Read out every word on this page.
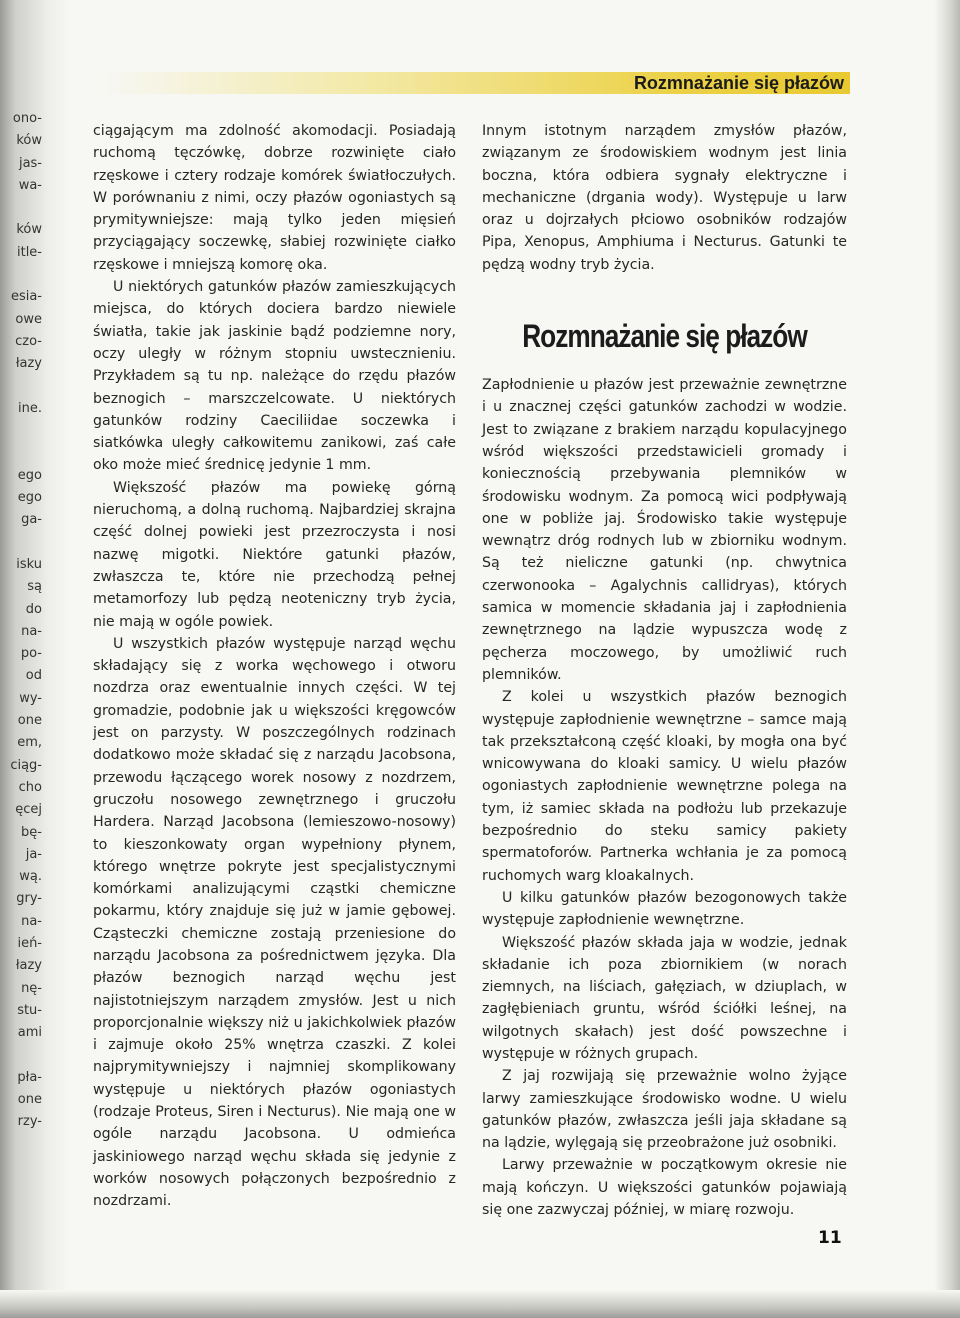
ono-
ków
jas-
wa-

ków
itle-

esia-
owe
czo-
łazy

ine.

ego
ego
ga-

isku
są
do
na-
po-
od
wy-
one
em,
ciąg-
cho
ęcej
bę-
ja-
wą.
gry-
na-
ień-
łazy
nę-
stu-
ami

pła-
one
rzy-
Rozmnażanie się płazów

ciągającym ma zdolność akomodacji. Posiadają ruchomą tęczówkę, dobrze rozwinięte ciało rzęskowe i cztery rodzaje komórek światłoczułych. W porównaniu z nimi, oczy płazów ogoniastych są prymitywniejsze: mają tylko jeden mięsień przyciągający soczewkę, słabiej rozwinięte ciałko rzęskowe i mniejszą komorę oka.

U niektórych gatunków płazów zamieszkujących miejsca, do których dociera bardzo niewiele światła, takie jak jaskinie bądź podziemne nory, oczy uległy w różnym stopniu uwstecznieniu. Przykładem są tu np. należące do rzędu płazów beznogich – marszczelcowate. U niektórych gatunków rodziny Caeciliidae soczewka i siatkówka uległy całkowitemu zanikowi, zaś całe oko może mieć średnicę jedynie 1 mm.

Większość płazów ma powiekę górną nieruchomą, a dolną ruchomą. Najbardziej skrajna część dolnej powieki jest przezroczysta i nosi nazwę migotki. Niektóre gatunki płazów, zwłaszcza te, które nie przechodzą pełnej metamorfozy lub pędzą neoteniczny tryb życia, nie mają w ogóle powiek.

U wszystkich płazów występuje narząd węchu składający się z worka węchowego i otworu nozdrza oraz ewentualnie innych części. W tej gromadzie, podobnie jak u większości kręgowców jest on parzysty. W poszczególnych rodzinach dodatkowo może składać się z narządu Jacobsona, przewodu łączącego worek nosowy z nozdrzem, gruczołu nosowego zewnętrznego i gruczołu Hardera. Narząd Jacobsona (lemieszowo-nosowy) to kieszonkowaty organ wypełniony płynem, którego wnętrze pokryte jest specjalistycznymi komórkami analizującymi cząstki chemiczne pokarmu, który znajduje się już w jamie gębowej. Cząsteczki chemiczne zostają przeniesione do narządu Jacobsona za pośrednictwem języka. Dla płazów beznogich narząd węchu jest najistotniejszym narządem zmysłów. Jest u nich proporcjonalnie większy niż u jakichkolwiek płazów i zajmuje około 25% wnętrza czaszki. Z kolei najprymitywniejszy i najmniej skomplikowany występuje u niektórych płazów ogoniastych (rodzaje Proteus, Siren i Necturus). Nie mają one w ogóle narządu Jacobsona. U odmieńca jaskiniowego narząd węchu składa się jedynie z worków nosowych połączonych bezpośrednio z nozdrzami.

Innym istotnym narządem zmysłów płazów, związanym ze środowiskiem wodnym jest linia boczna, która odbiera sygnały elektryczne i mechaniczne (drgania wody). Występuje u larw oraz u dojrzałych płciowo osobników rodzajów Pipa, Xenopus, Amphiuma i Necturus. Gatunki te pędzą wodny tryb życia.

Rozmnażanie się płazów

Zapłodnienie u płazów jest przeważnie zewnętrzne i u znacznej części gatunków zachodzi w wodzie. Jest to związane z brakiem narządu kopulacyjnego wśród większości przedstawicieli gromady i koniecznością przebywania plemników w środowisku wodnym. Za pomocą wici podpływają one w pobliże jaj. Środowisko takie występuje wewnątrz dróg rodnych lub w zbiorniku wodnym. Są też nieliczne gatunki (np. chwytnica czerwonooka – Agalychnis callidryas), których samica w momencie składania jaj i zapłodnienia zewnętrznego na lądzie wypuszcza wodę z pęcherza moczowego, by umożliwić ruch plemników.

Z kolei u wszystkich płazów beznogich występuje zapłodnienie wewnętrzne – samce mają tak przekształconą część kloaki, by mogła ona być wnicowywana do kloaki samicy. U wielu płazów ogoniastych zapłodnienie wewnętrzne polega na tym, iż samiec składa na podłożu lub przekazuje bezpośrednio do steku samicy pakiety spermatoforów. Partnerka wchłania je za pomocą ruchomych warg kloakalnych.

U kilku gatunków płazów bezogonowych także występuje zapłodnienie wewnętrzne.

Większość płazów składa jaja w wodzie, jednak składanie ich poza zbiornikiem (w norach ziemnych, na liściach, gałęziach, w dziuplach, w zagłębieniach gruntu, wśród ściółki leśnej, na wilgotnych skałach) jest dość powszechne i występuje w różnych grupach.

Z jaj rozwijają się przeważnie wolno żyjące larwy zamieszkujące środowisko wodne. U wielu gatunków płazów, zwłaszcza jeśli jaja składane są na lądzie, wylęgają się przeobrażone już osobniki.

Larwy przeważnie w początkowym okresie nie mają kończyn. U większości gatunków pojawiają się one zazwyczaj później, w miarę rozwoju.

11
